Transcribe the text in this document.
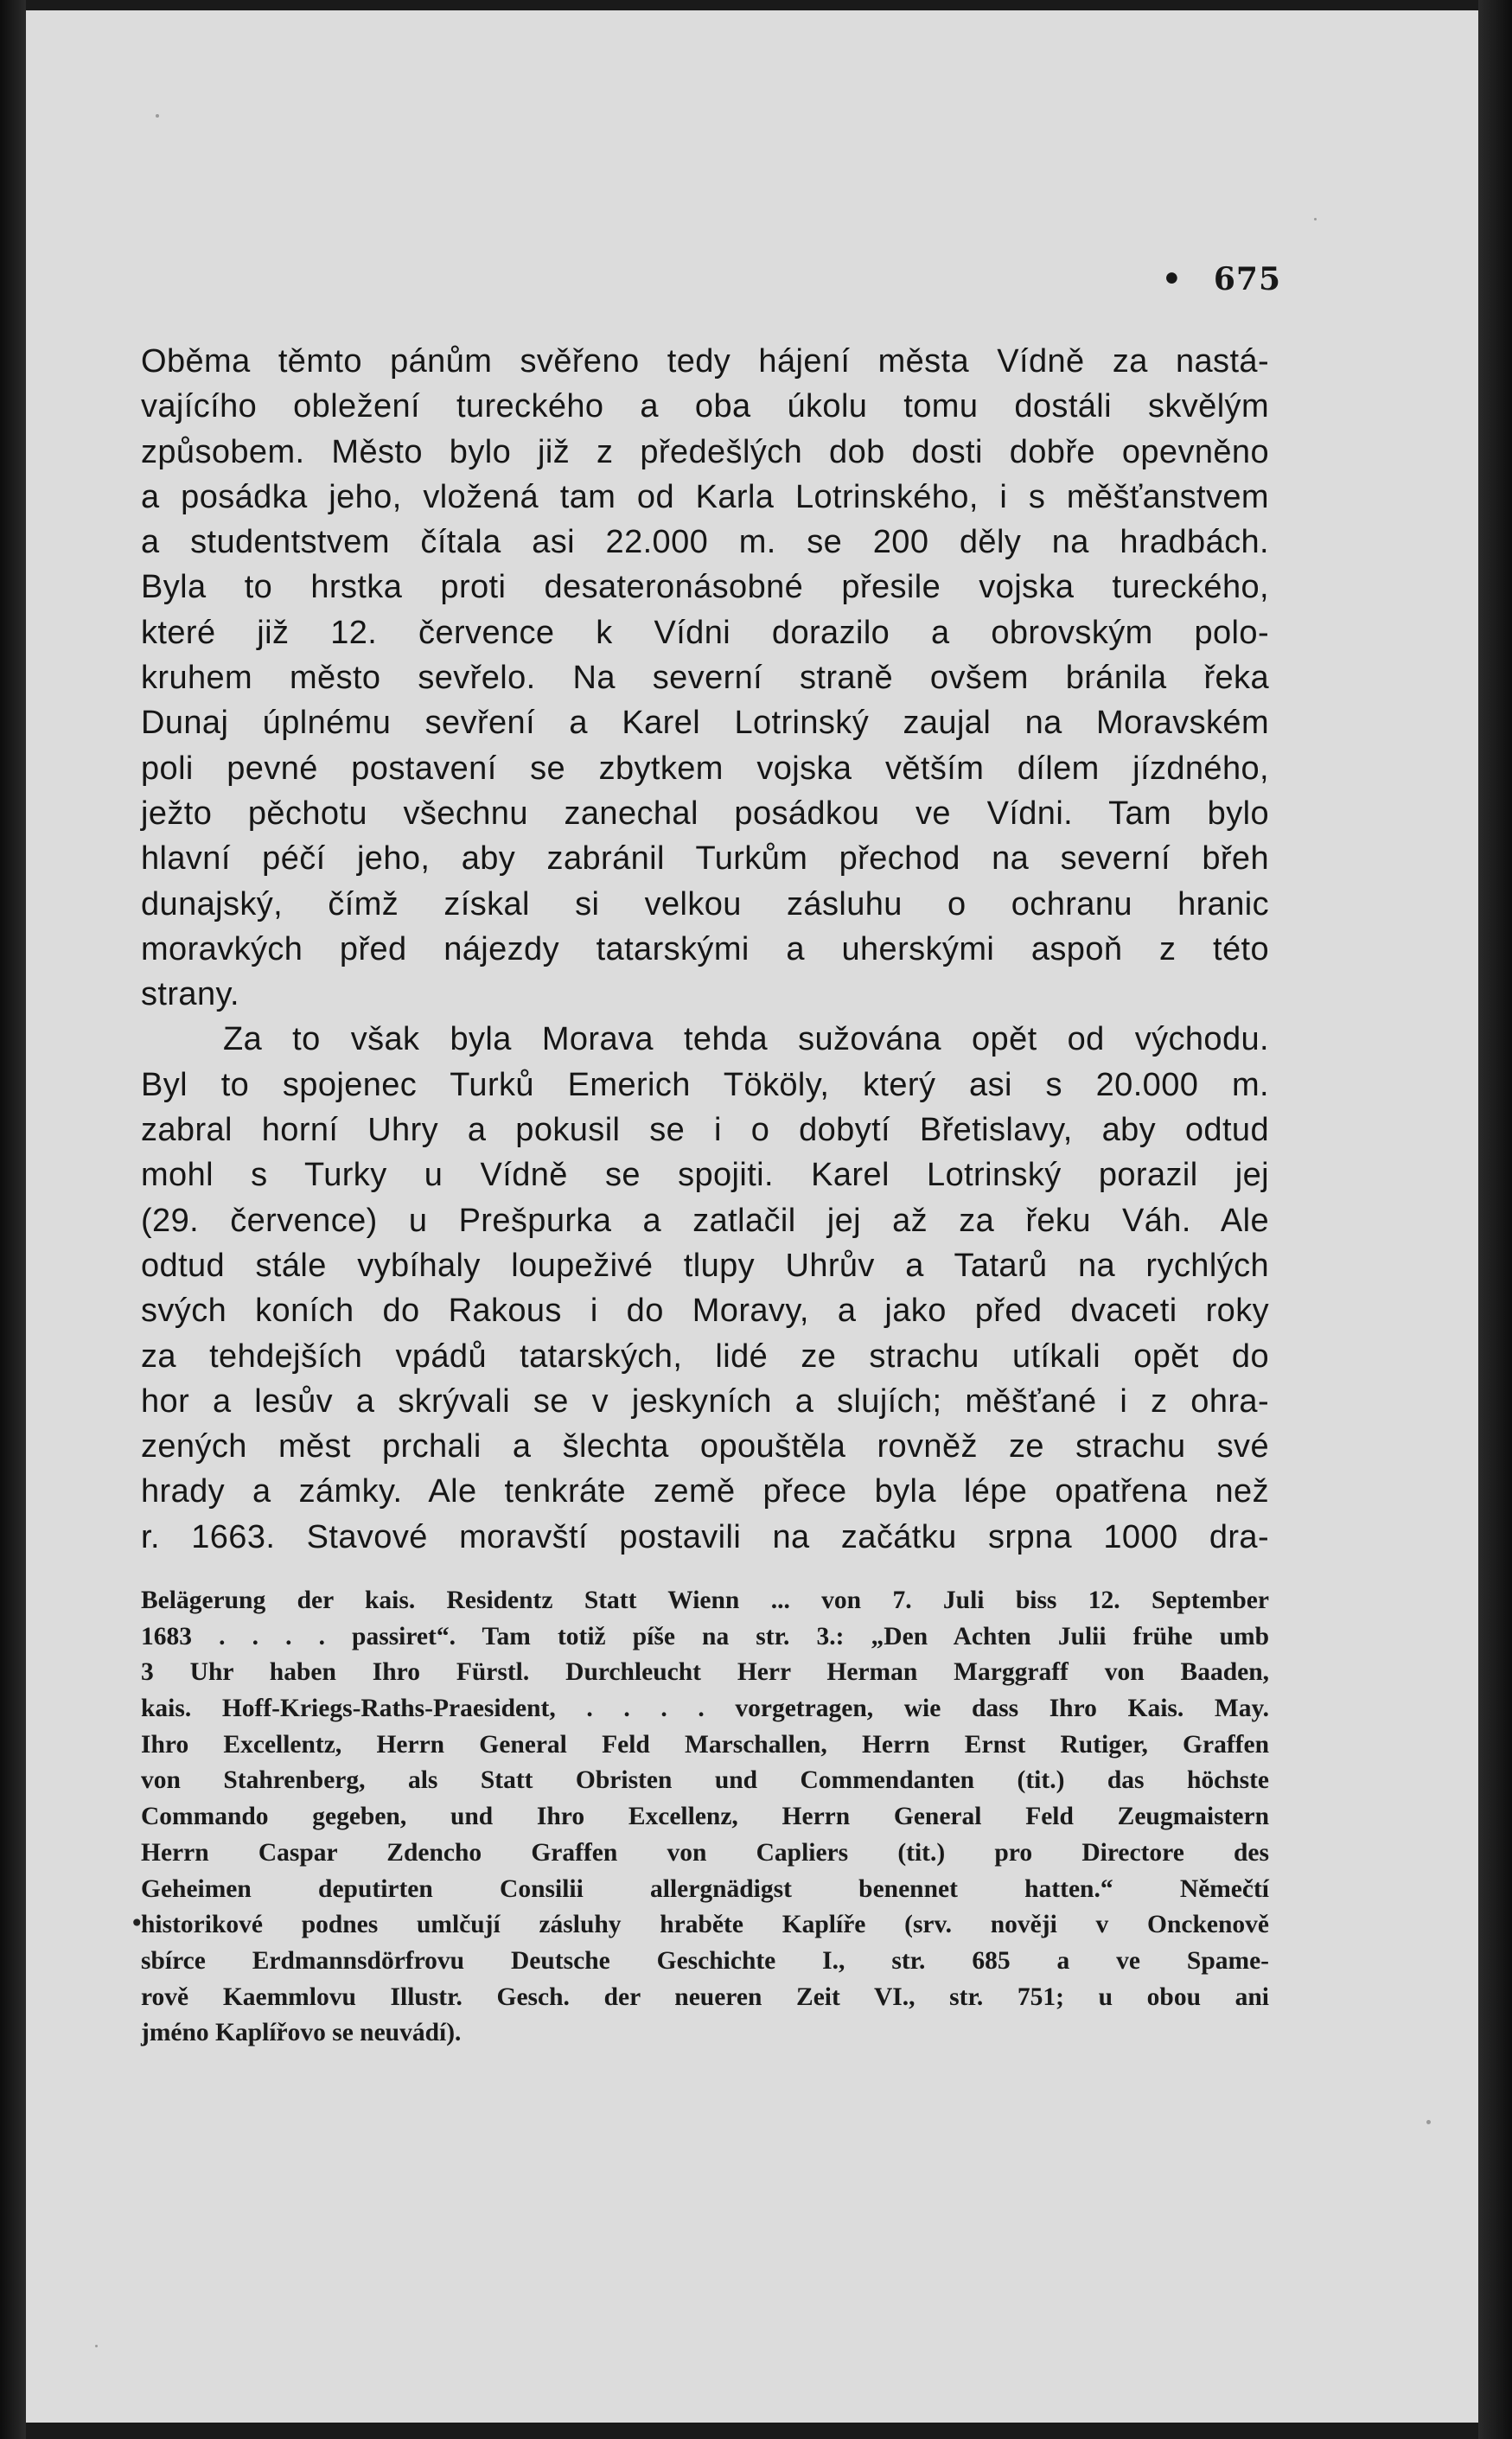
• 675
Oběma těmto pánům svěřeno tedy hájení města Vídně za nastá-
vajícího obležení tureckého a oba úkolu tomu dostáli skvělým
způsobem. Město bylo již z předešlých dob dosti dobře opevněno
a posádka jeho, vložená tam od Karla Lotrinského, i s měšťanstvem
a studentstvem čítala asi 22.000 m. se 200 děly na hradbách.
Byla to hrstka proti desateronásobné přesile vojska tureckého,
které již 12. července k Vídni dorazilo a obrovským polo-
kruhem město sevřelo. Na severní straně ovšem bránila řeka
Dunaj úplnému sevření a Karel Lotrinský zaujal na Moravském
poli pevné postavení se zbytkem vojska větším dílem jízdného,
ježto pěchotu všechnu zanechal posádkou ve Vídni. Tam bylo
hlavní péčí jeho, aby zabránil Turkům přechod na severní břeh
dunajský, čímž získal si velkou zásluhu o ochranu hranic
moravkých před nájezdy tatarskými a uherskými aspoň z této
strany.
Za to však byla Morava tehda sužována opět od východu.
Byl to spojenec Turků Emerich Tököly, který asi s 20.000 m.
zabral horní Uhry a pokusil se i o dobytí Břetislavy, aby odtud
mohl s Turky u Vídně se spojiti. Karel Lotrinský porazil jej
(29. července) u Prešpurka a zatlačil jej až za řeku Váh. Ale
odtud stále vybíhaly loupeživé tlupy Uhrův a Tatarů na rychlých
svých koních do Rakous i do Moravy, a jako před dvaceti roky
za tehdejších vpádů tatarských, lidé ze strachu utíkali opět do
hor a lesův a skrývali se v jeskyních a slujích; měšťané i z ohra-
zených měst prchali a šlechta opouštěla rovněž ze strachu své
hrady a zámky. Ale tenkráte země přece byla lépe opatřena než
r. 1663. Stavové moravští postavili na začátku srpna 1000 dra-
•
Belägerung der kais. Residentz Statt Wienn ... von 7. Juli biss 12. September
1683 . . . . passiret“. Tam totiž píše na str. 3.: „Den Achten Julii frühe umb
3 Uhr haben Ihro Fürstl. Durchleucht Herr Herman Marggraff von Baaden,
kais. Hoff-Kriegs-Raths-Praesident, . . . . vorgetragen, wie dass Ihro Kais. May.
Ihro Excellentz, Herrn General Feld Marschallen, Herrn Ernst Rutiger, Graffen
von Stahrenberg, als Statt Obristen und Commendanten (tit.) das höchste
Commando gegeben, und Ihro Excellenz, Herrn General Feld Zeugmaistern
Herrn Caspar Zdencho Graffen von Capliers (tit.) pro Directore des
Geheimen deputirten Consilii allergnädigst benennet hatten.“ Němečtí
historikové podnes umlčují zásluhy hraběte Kaplíře (srv. nověji v Onckenově
sbírce Erdmannsdörfrovu Deutsche Geschichte I., str. 685 a ve Spame-
rově Kaemmlovu Illustr. Gesch. der neueren Zeit VI., str. 751; u obou ani
jméno Kaplířovo se neuvádí).
